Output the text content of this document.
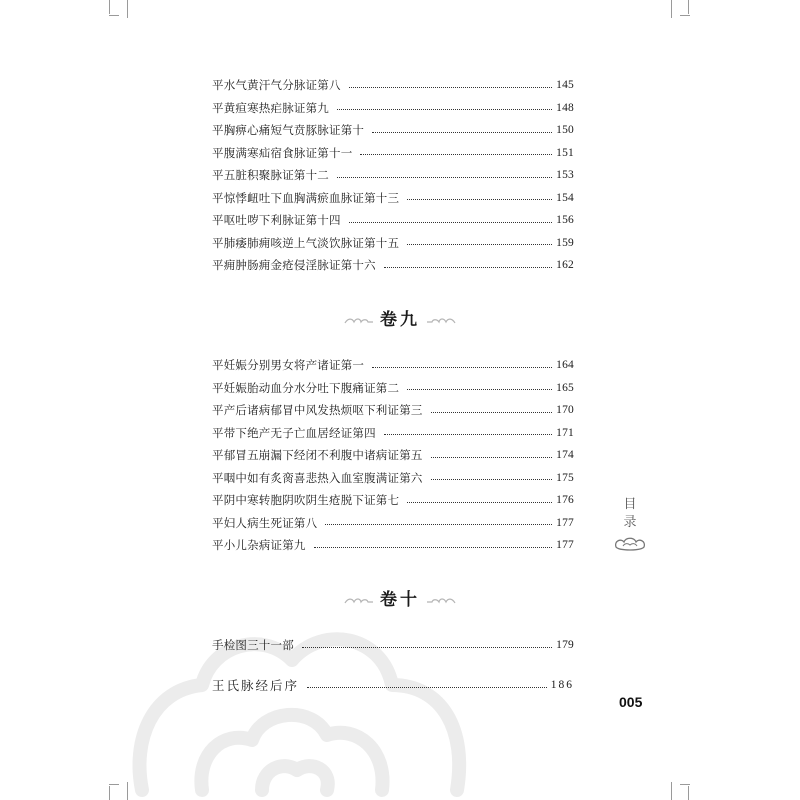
平水气黄汗气分脉证第八	145
平黄疸寒热疟脉证第九	148
平胸痹心痛短气贲豚脉证第十	150
平腹满寒疝宿食脉证第十一	151
平五脏积聚脉证第十二	153
平惊悸衄吐下血胸满瘀血脉证第十三	154
平呕吐哕下利脉证第十四	156
平肺痿肺痈咳逆上气淡饮脉证第十五	159
平痈肿肠痈金疮侵淫脉证第十六	162
卷九
平妊娠分别男女将产诸证第一	164
平妊娠胎动血分水分吐下腹痛证第二	165
平产后诸病郁冒中风发热烦呕下利证第三	170
平带下绝产无子亡血居经证第四	171
平郁冒五崩漏下经闭不利腹中诸病证第五	174
平咽中如有炙脔喜悲热入血室腹满证第六	175
平阴中寒转胞阴吹阴生疮脱下证第七	176
平妇人病生死证第八	177
平小儿杂病证第九	177
卷十
手检图三十一部	179
王氏脉经后序	186
目
录
005
